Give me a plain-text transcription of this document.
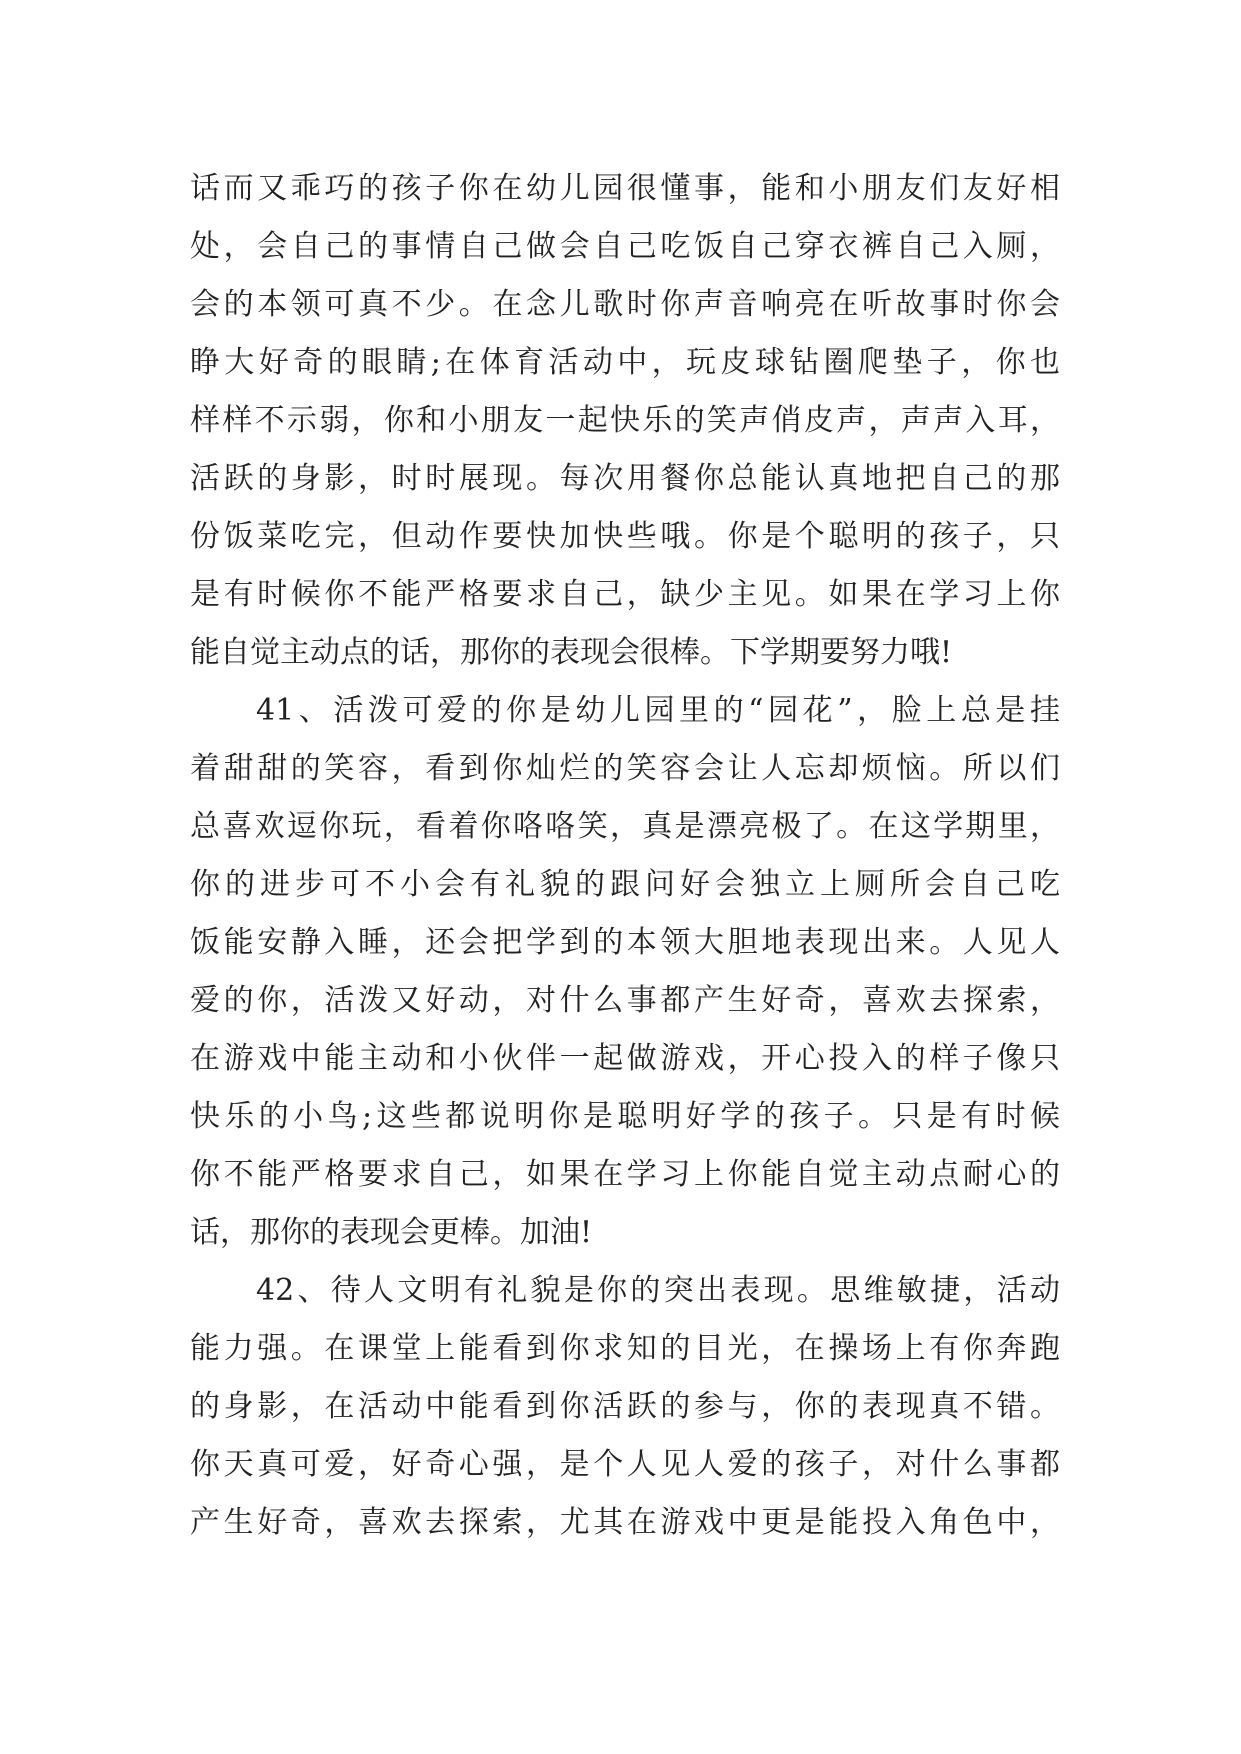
话而又乖巧的孩子你在幼儿园很懂事，能和小朋友们友好相
处，会自己的事情自己做会自己吃饭自己穿衣裤自己入厕，
会的本领可真不少。在念儿歌时你声音响亮在听故事时你会
睁大好奇的眼睛;在体育活动中，玩皮球钻圈爬垫子，你也
样样不示弱，你和小朋友一起快乐的笑声俏皮声，声声入耳，
活跃的身影，时时展现。每次用餐你总能认真地把自己的那
份饭菜吃完，但动作要快加快些哦。你是个聪明的孩子，只
是有时候你不能严格要求自己，缺少主见。如果在学习上你
能自觉主动点的话，那你的表现会很棒。下学期要努力哦!
41、活泼可爱的你是幼儿园里的“园花”，脸上总是挂
着甜甜的笑容，看到你灿烂的笑容会让人忘却烦恼。所以们
总喜欢逗你玩，看着你咯咯笑，真是漂亮极了。在这学期里，
你的进步可不小会有礼貌的跟问好会独立上厕所会自己吃
饭能安静入睡，还会把学到的本领大胆地表现出来。人见人
爱的你，活泼又好动，对什么事都产生好奇，喜欢去探索，
在游戏中能主动和小伙伴一起做游戏，开心投入的样子像只
快乐的小鸟;这些都说明你是聪明好学的孩子。只是有时候
你不能严格要求自己，如果在学习上你能自觉主动点耐心的
话，那你的表现会更棒。加油!
42、待人文明有礼貌是你的突出表现。思维敏捷，活动
能力强。在课堂上能看到你求知的目光，在操场上有你奔跑
的身影，在活动中能看到你活跃的参与，你的表现真不错。
你天真可爱，好奇心强，是个人见人爱的孩子，对什么事都
产生好奇，喜欢去探索，尤其在游戏中更是能投入角色中，
